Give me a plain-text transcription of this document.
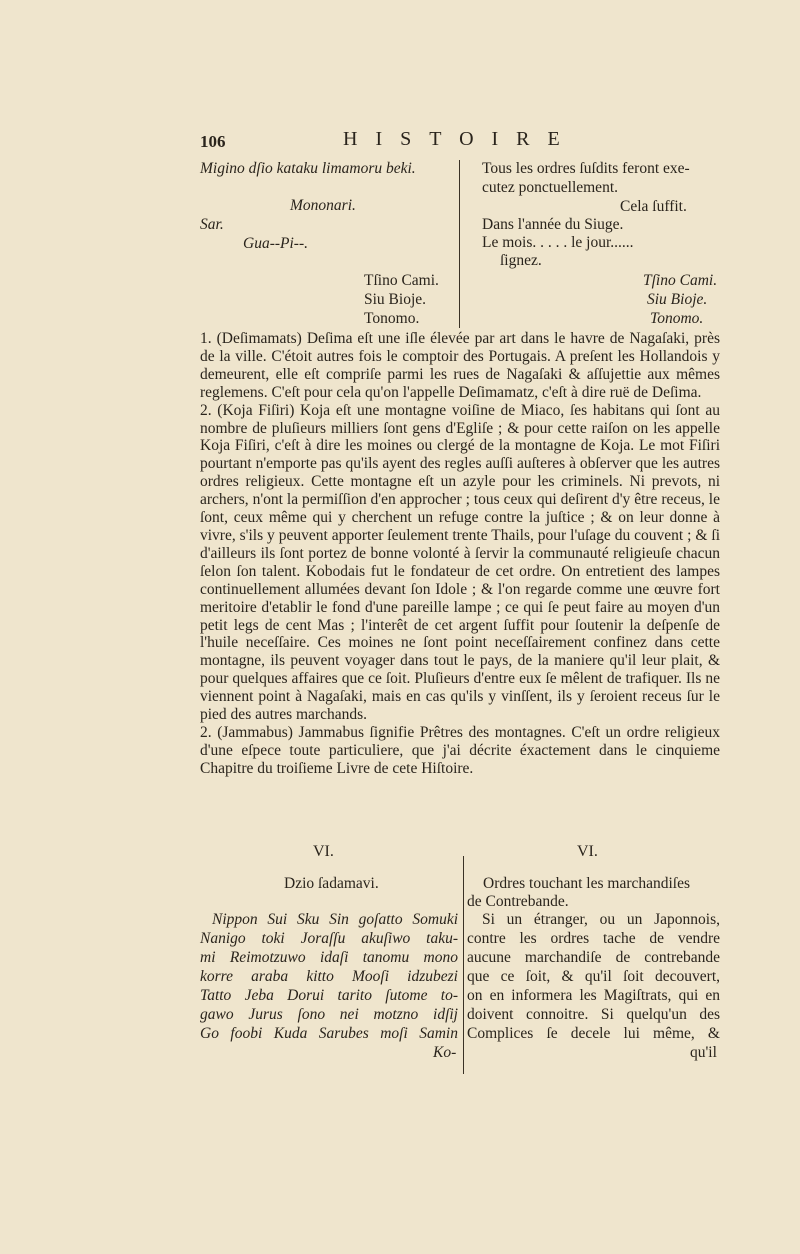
106	HISTOIRE
Migino dſio kataku limamoru beki.
Mononari.
Sar.
Gua--Pi--.
Tſino Cami.
Siu Bioje.
Tonomo.
Tous les ordres ſuſdits feront exe-
cutez ponctuellement.
Cela ſuffit.
Dans l'année du Siuge.
Le mois. . . . . le jour......
ſignez.
Tſino Cami.
Siu Bioje.
Tonomo.

1. (Deſimamats) Deſima eſt une iſle élevée par art dans le havre de Nagaſaki, près de la ville. C'étoit autres fois le comptoir des Portugais. A preſent les Hollandois y demeurent, elle eſt compriſe parmi les rues de Nagaſaki & aſſujettie aux mêmes reglemens. C'eſt pour cela qu'on l'appelle Deſimamatz, c'eſt à dire ruë de Deſima.

2. (Koja Fiſiri) Koja eſt une montagne voiſine de Miaco, ſes habitans qui ſont au nombre de pluſieurs milliers ſont gens d'Egliſe ; & pour cette raiſon on les appelle Koja Fiſiri, c'eſt à dire les moines ou clergé de la montagne de Koja. Le mot Fiſiri pourtant n'emporte pas qu'ils ayent des regles auſſi auſteres à obſerver que les autres ordres religieux. Cette montagne eſt un azyle pour les criminels. Ni prevots, ni archers, n'ont la permiſſion d'en approcher ; tous ceux qui deſirent d'y être receus, le ſont, ceux même qui y cherchent un refuge contre la juſtice ; & on leur donne à vivre, s'ils y peuvent apporter ſeulement trente Thails, pour l'uſage du couvent ; & ſi d'ailleurs ils ſont portez de bonne volonté à ſervir la communauté religieuſe chacun ſelon ſon talent. Kobodais fut le fondateur de cet ordre. On entretient des lampes continuellement allumées devant ſon Idole ; & l'on regarde comme une œuvre fort meritoire d'etablir le fond d'une pareille lampe ; ce qui ſe peut faire au moyen d'un petit legs de cent Mas ; l'interêt de cet argent ſuffit pour ſoutenir la deſpenſe de l'huile neceſſaire. Ces moines ne ſont point neceſſairement confinez dans cette montagne, ils peuvent voyager dans tout le pays, de la maniere qu'il leur plait, & pour quelques affaires que ce ſoit. Pluſieurs d'entre eux ſe mêlent de trafiquer. Ils ne viennent point à Nagaſaki, mais en cas qu'ils y vinſſent, ils y ſeroient receus ſur le pied des autres marchands.

2. (Jammabus) Jammabus ſignifie Prêtres des montagnes. C'eſt un ordre religieux d'une eſpece toute particuliere, que j'ai décrite éxactement dans le cinquieme Chapitre du troiſieme Livre de cete Hiſtoire.

VI.	VI.
Dzio ſadamavi.
Nippon Sui Sku Sin goſatto Somuki
Nanigo toki Joraſſu akuſiwo taku-
mi Reimotzuwo idaſi tanomu mono
korre araba kitto Mooſi idzubezi
Tatto Jeba Dorui tarito ſutome to-
gawo Jurus ſono nei motzno idſij
Go foobi Kuda Sarubes moſi Samin
Ko-
Ordres touchant les marchandiſes
de Contrebande.
Si un étranger, ou un Japonnois,
contre les ordres tache de vendre
aucune marchandiſe de contrebande
que ce ſoit, & qu'il ſoit decouvert,
on en informera les Magiſtrats, qui en
doivent connoitre. Si quelqu'un des
Complices ſe decele lui même, &
qu'il
